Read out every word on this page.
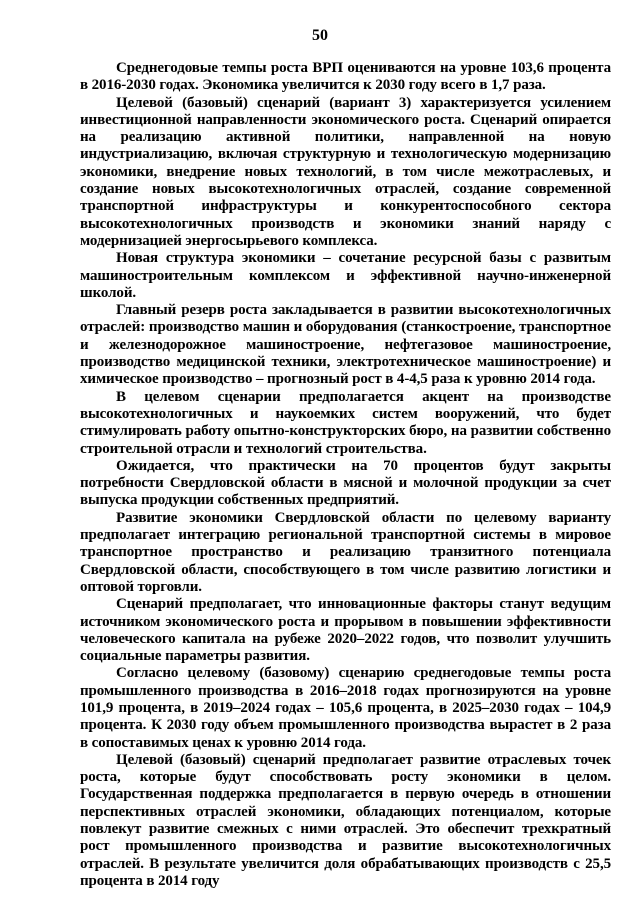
50

Среднегодовые темпы роста ВРП оцениваются на уровне 103,6 процента в 2016-2030 годах. Экономика увеличится к 2030 году всего в 1,7 раза.

Целевой (базовый) сценарий (вариант 3) характеризуется усилением инвестиционной направленности экономического роста. Сценарий опирается на реализацию активной политики, направленной на новую индустриализацию, включая структурную и технологическую модернизацию экономики, внедрение новых технологий, в том числе межотраслевых, и создание новых высокотехнологичных отраслей, создание современной транспортной инфраструктуры и конкурентоспособного сектора высокотехнологичных производств и экономики знаний наряду с модернизацией энергосырьевого комплекса.

Новая структура экономики – сочетание ресурсной базы с развитым машиностроительным комплексом и эффективной научно-инженерной школой.

Главный резерв роста закладывается в развитии высокотехнологичных отраслей: производство машин и оборудования (станкостроение, транспортное и железнодорожное машиностроение, нефтегазовое машиностроение, производство медицинской техники, электротехническое машиностроение) и химическое производство – прогнозный рост в 4-4,5 раза к уровню 2014 года.

В целевом сценарии предполагается акцент на производстве высокотехнологичных и наукоемких систем вооружений, что будет стимулировать работу опытно-конструкторских бюро, на развитии собственно строительной отрасли и технологий строительства.

Ожидается, что практически на 70 процентов будут закрыты потребности Свердловской области в мясной и молочной продукции за счет выпуска продукции собственных предприятий.

Развитие экономики Свердловской области по целевому варианту предполагает интеграцию региональной транспортной системы в мировое транспортное пространство и реализацию транзитного потенциала Свердловской области, способствующего в том числе развитию логистики и оптовой торговли.

Сценарий предполагает, что инновационные факторы станут ведущим источником экономического роста и прорывом в повышении эффективности человеческого капитала на рубеже 2020–2022 годов, что позволит улучшить социальные параметры развития.

Согласно целевому (базовому) сценарию среднегодовые темпы роста промышленного производства в 2016–2018 годах прогнозируются на уровне 101,9 процента, в 2019–2024 годах – 105,6 процента, в 2025–2030 годах – 104,9 процента. К 2030 году объем промышленного производства вырастет в 2 раза в сопоставимых ценах к уровню 2014 года.

Целевой (базовый) сценарий предполагает развитие отраслевых точек роста, которые будут способствовать росту экономики в целом. Государственная поддержка предполагается в первую очередь в отношении перспективных отраслей экономики, обладающих потенциалом, которые повлекут развитие смежных с ними отраслей. Это обеспечит трехкратный рост промышленного производства и развитие высокотехнологичных отраслей. В результате увеличится доля обрабатывающих производств с 25,5 процента в 2014 году
